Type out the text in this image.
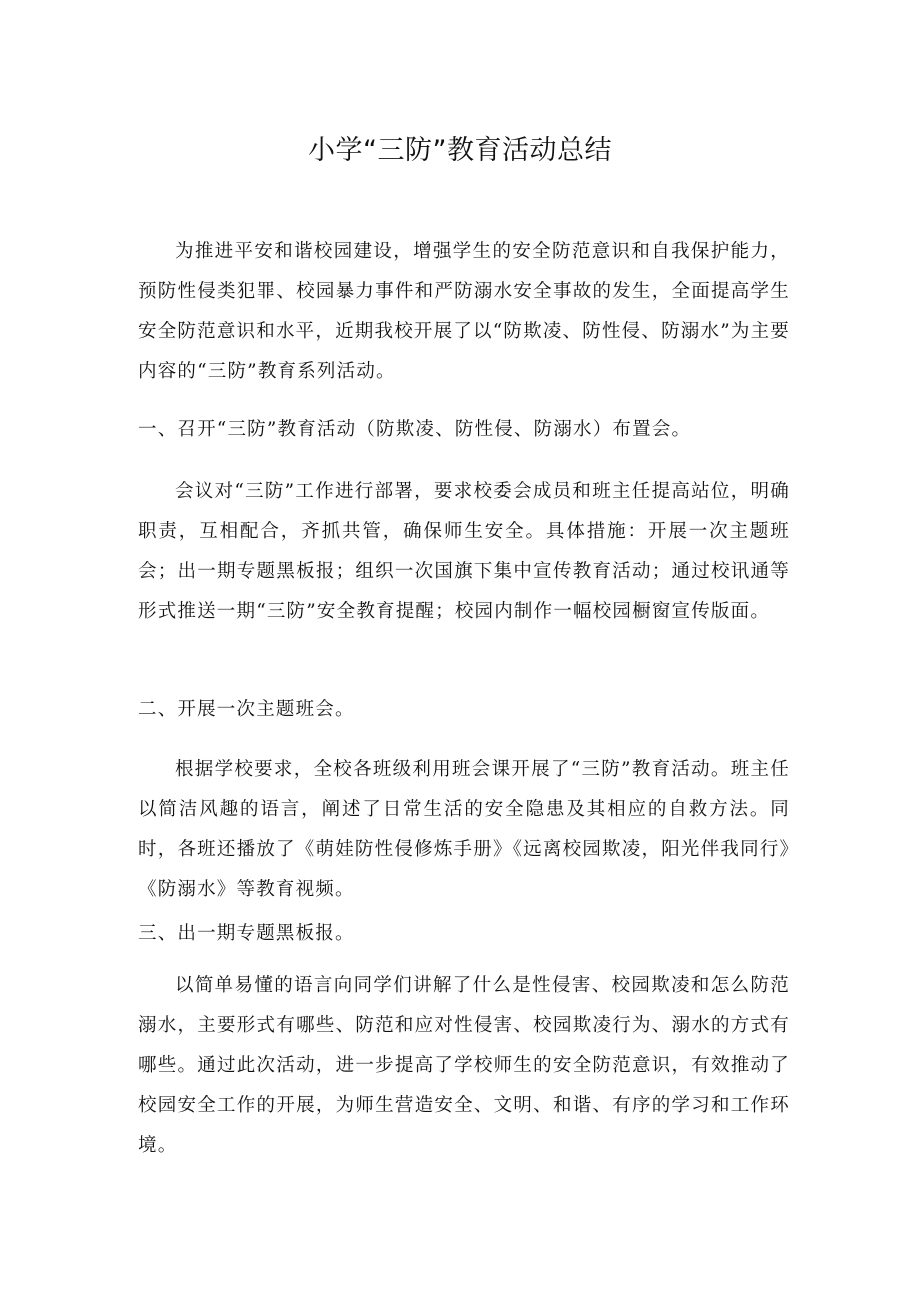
小学“三防”教育活动总结

为推进平安和谐校园建设，增强学生的安全防范意识和自我保护能力，预防性侵类犯罪、校园暴力事件和严防溺水安全事故的发生，全面提高学生安全防范意识和水平，近期我校开展了以“防欺凌、防性侵、防溺水”为主要内容的“三防”教育系列活动。

一、召开“三防”教育活动（防欺凌、防性侵、防溺水）布置会。

会议对“三防”工作进行部署，要求校委会成员和班主任提高站位，明确职责，互相配合，齐抓共管，确保师生安全。具体措施：开展一次主题班会；出一期专题黑板报；组织一次国旗下集中宣传教育活动；通过校讯通等形式推送一期“三防”安全教育提醒；校园内制作一幅校园橱窗宣传版面。

二、开展一次主题班会。

根据学校要求，全校各班级利用班会课开展了“三防”教育活动。班主任以简洁风趣的语言，阐述了日常生活的安全隐患及其相应的自救方法。同时，各班还播放了《萌娃防性侵修炼手册》《远离校园欺凌，阳光伴我同行》《防溺水》等教育视频。

三、出一期专题黑板报。

以简单易懂的语言向同学们讲解了什么是性侵害、校园欺凌和怎么防范溺水，主要形式有哪些、防范和应对性侵害、校园欺凌行为、溺水的方式有哪些。通过此次活动，进一步提高了学校师生的安全防范意识，有效推动了校园安全工作的开展，为师生营造安全、文明、和谐、有序的学习和工作环境。
